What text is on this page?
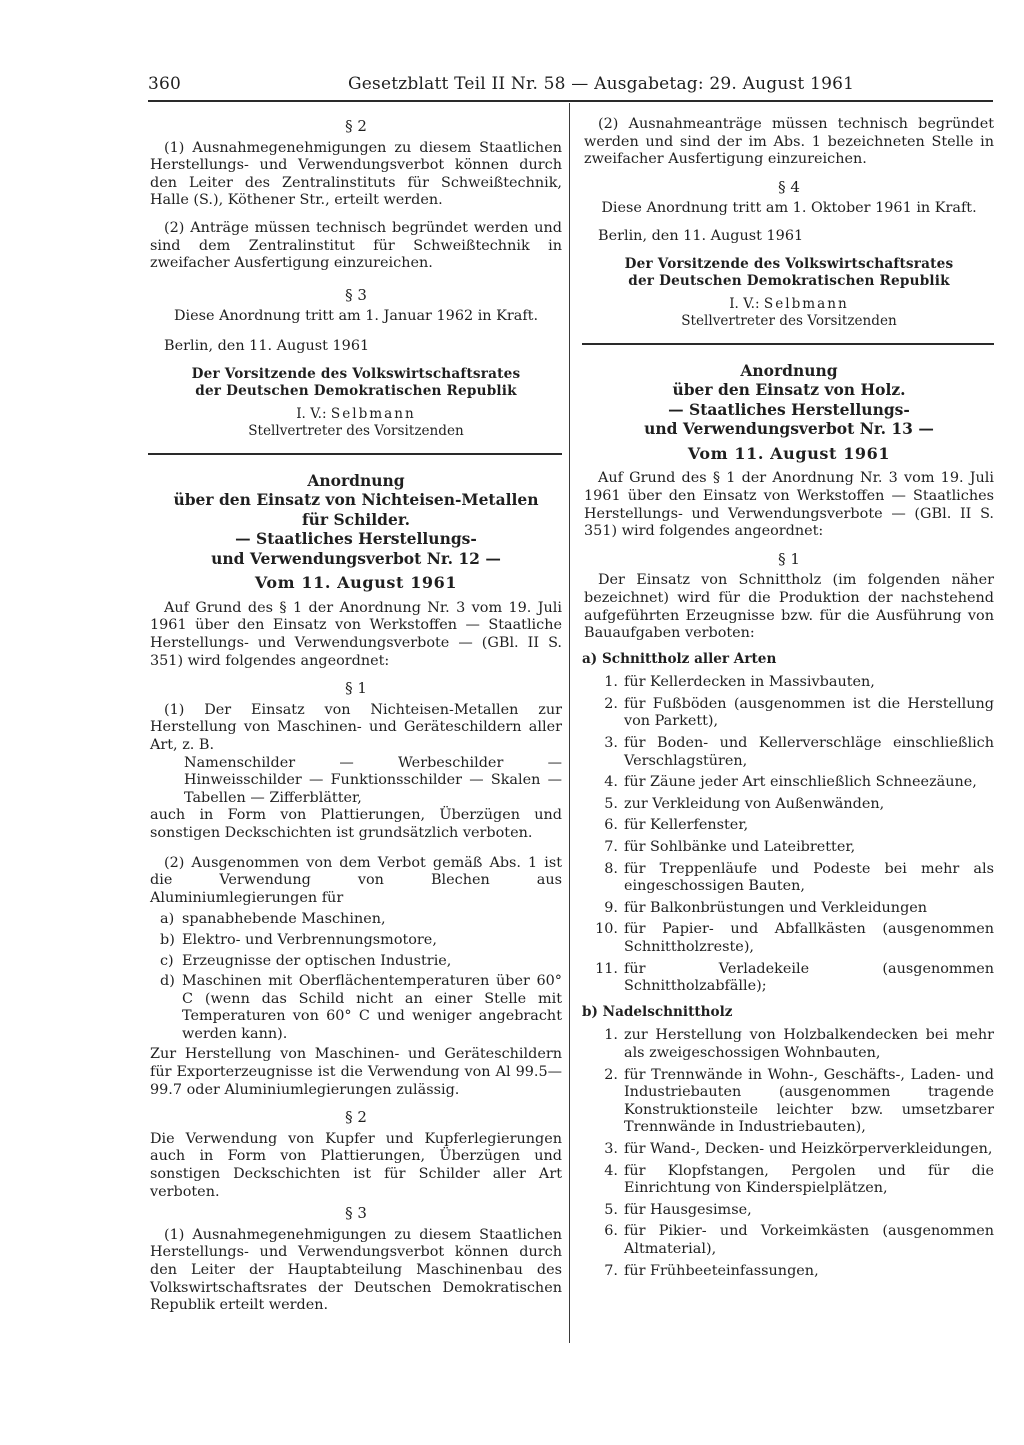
360	Gesetzblatt Teil II Nr. 58 — Ausgabetag: 29. August 1961
§ 2

(1) Ausnahmegenehmigungen zu diesem Staatlichen Herstellungs- und Verwendungsverbot können durch den Leiter des Zentralinstituts für Schweißtechnik, Halle (S.), Köthener Str., erteilt werden.

(2) Anträge müssen technisch begründet werden und sind dem Zentralinstitut für Schweißtechnik in zweifacher Ausfertigung einzureichen.

§ 3

Diese Anordnung tritt am 1. Januar 1962 in Kraft.

Berlin, den 11. August 1961

Der Vorsitzende des Volkswirtschaftsrates
der Deutschen Demokratischen Republik
I. V.: Selbmann
Stellvertreter des Vorsitzenden
Anordnung
über den Einsatz von Nichteisen-Metallen
für Schilder.
— Staatliches Herstellungs-
und Verwendungsverbot Nr. 12 —
Vom 11. August 1961

Auf Grund des § 1 der Anordnung Nr. 3 vom 19. Juli 1961 über den Einsatz von Werkstoffen — Staatliche Herstellungs- und Verwendungsverbote — (GBl. II S. 351) wird folgendes angeordnet:

§ 1

(1) Der Einsatz von Nichteisen-Metallen zur Herstellung von Maschinen- und Geräteschildern aller Art, z. B.

Namenschilder — Werbeschilder — Hinweisschilder — Funktionsschilder — Skalen — Tabellen — Zifferblätter,

auch in Form von Plattierungen, Überzügen und sonstigen Deckschichten ist grundsätzlich verboten.

(2) Ausgenommen von dem Verbot gemäß Abs. 1 ist die Verwendung von Blechen aus Aluminiumlegierungen für

a) spanabhebende Maschinen,
b) Elektro- und Verbrennungsmotore,
c) Erzeugnisse der optischen Industrie,
d) Maschinen mit Oberflächentemperaturen über 60° C (wenn das Schild nicht an einer Stelle mit Temperaturen von 60° C und weniger angebracht werden kann).

Zur Herstellung von Maschinen- und Geräteschildern für Exporterzeugnisse ist die Verwendung von Al 99.5—99.7 oder Aluminiumlegierungen zulässig.

§ 2

Die Verwendung von Kupfer und Kupferlegierungen auch in Form von Plattierungen, Überzügen und sonstigen Deckschichten ist für Schilder aller Art verboten.

§ 3

(1) Ausnahmegenehmigungen zu diesem Staatlichen Herstellungs- und Verwendungsverbot können durch den Leiter der Hauptabteilung Maschinenbau des Volkswirtschaftsrates der Deutschen Demokratischen Republik erteilt werden.

(2) Ausnahmeanträge müssen technisch begründet werden und sind der im Abs. 1 bezeichneten Stelle in zweifacher Ausfertigung einzureichen.

§ 4

Diese Anordnung tritt am 1. Oktober 1961 in Kraft.

Berlin, den 11. August 1961

Der Vorsitzende des Volkswirtschaftsrates
der Deutschen Demokratischen Republik
I. V.: Selbmann
Stellvertreter des Vorsitzenden
Anordnung
über den Einsatz von Holz.
— Staatliches Herstellungs-
und Verwendungsverbot Nr. 13 —
Vom 11. August 1961

Auf Grund des § 1 der Anordnung Nr. 3 vom 19. Juli 1961 über den Einsatz von Werkstoffen — Staatliches Herstellungs- und Verwendungsverbote — (GBl. II S. 351) wird folgendes angeordnet:

§ 1

Der Einsatz von Schnittholz (im folgenden näher bezeichnet) wird für die Produktion der nachstehend aufgeführten Erzeugnisse bzw. für die Ausführung von Bauaufgaben verboten:

a) Schnittholz aller Arten
1. für Kellerdecken in Massivbauten,
2. für Fußböden (ausgenommen ist die Herstellung von Parkett),
3. für Boden- und Kellerverschläge einschließlich Verschlagstüren,
4. für Zäune jeder Art einschließlich Schneezäune,
5. zur Verkleidung von Außenwänden,
6. für Kellerfenster,
7. für Sohlbänke und Lateibretter,
8. für Treppenläufe und Podeste bei mehr als eingeschossigen Bauten,
9. für Balkonbrüstungen und Verkleidungen
10. für Papier- und Abfallkästen (ausgenommen Schnittholzreste),
11. für Verladekeile (ausgenommen Schnittholzabfälle);
b) Nadelschnittholz
1. zur Herstellung von Holzbalkendecken bei mehr als zweigeschossigen Wohnbauten,
2. für Trennwände in Wohn-, Geschäfts-, Laden- und Industriebauten (ausgenommen tragende Konstruktionsteile leichter bzw. umsetzbarer Trennwände in Industriebauten),
3. für Wand-, Decken- und Heizkörperverkleidungen,
4. für Klopfstangen, Pergolen und für die Einrichtung von Kinderspielplätzen,
5. für Hausgesimse,
6. für Pikier- und Vorkeimkästen (ausgenommen Altmaterial),
7. für Frühbeeteinfassungen,
